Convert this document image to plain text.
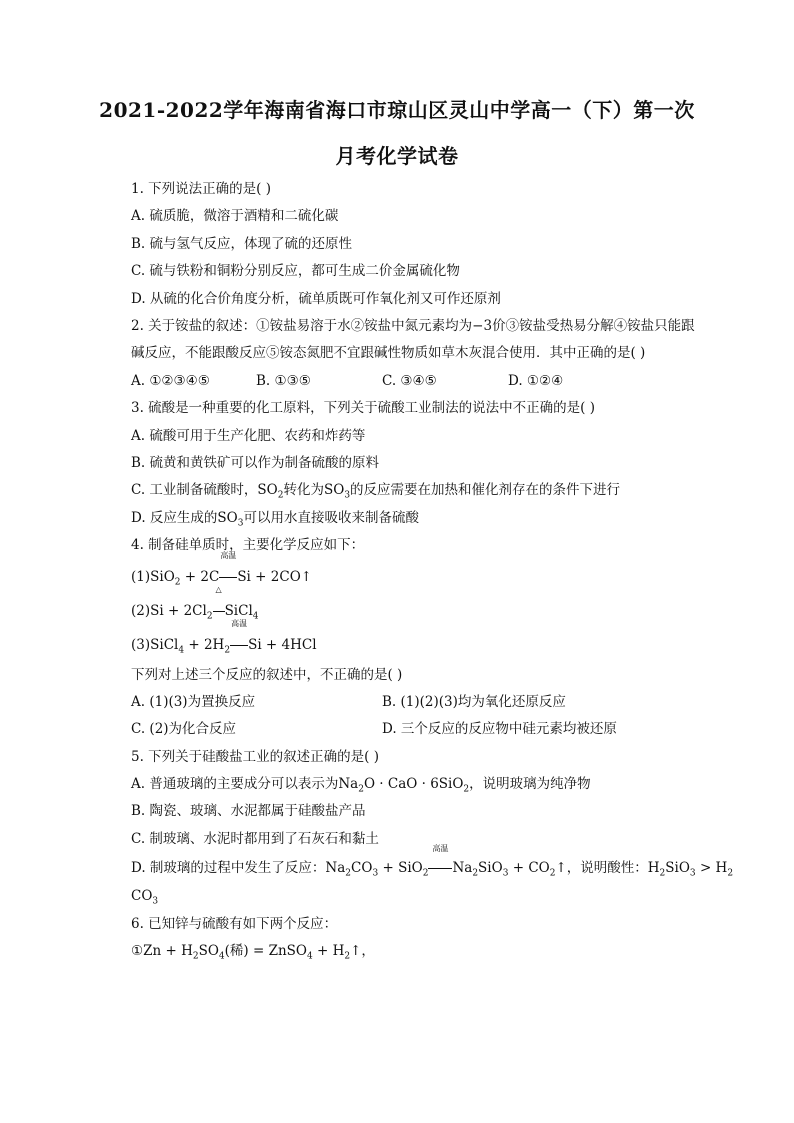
2021-2022学年海南省海口市琼山区灵山中学高一（下）第一次
月考化学试卷
1. 下列说法正确的是( )
A. 硫质脆，微溶于酒精和二硫化碳
B. 硫与氢气反应，体现了硫的还原性
C. 硫与铁粉和铜粉分别反应，都可生成二价金属硫化物
D. 从硫的化合价角度分析，硫单质既可作氧化剂又可作还原剂
2. 关于铵盐的叙述：①铵盐易溶于水②铵盐中氮元素均为−3价③铵盐受热易分解④铵盐只能跟碱反应，不能跟酸反应⑤铵态氮肥不宜跟碱性物质如草木灰混合使用．其中正确的是( )
A. ①②③④⑤	B. ①③⑤	C. ③④⑤	D. ①②④
3. 硫酸是一种重要的化工原料，下列关于硫酸工业制法的说法中不正确的是( )
A. 硫酸可用于生产化肥、农药和炸药等
B. 硫黄和黄铁矿可以作为制备硫酸的原料
C. 工业制备硫酸时，$SO_2$转化为$SO_3$的反应需要在加热和催化剂存在的条件下进行
D. 反应生成的$SO_3$可以用水直接吸收来制备硫酸
4. 制备硅单质时，主要化学反应如下：
(1)SiO$_2$ + 2C
高温
Si + 2CO↑
$(2)Si + 2Cl_2$
△
SiCl$_4$
(3)SiCl$_4$ + $2H_2$
高温
Si + 4HCl
下列对上述三个反应的叙述中，不正确的是( )
A. (1)(3)为置换反应	B. (1)(2)(3)均为氧化还原反应
C. (2)为化合反应	D. 三个反应的反应物中硅元素均被还原
5. 下列关于硅酸盐工业的叙述正确的是( )
A. 普通玻璃的主要成分可以表示为$Na_2O$ · CaO · 6SiO$_2$，说明玻璃为纯净物
B. 陶瓷、玻璃、水泥都属于硅酸盐产品
C. 制玻璃、水泥时都用到了石灰石和黏土
D. 制玻璃的过程中发生了反应：$Na_2CO_3 + SiO_2$
高温
$Na_2SiO_3$ + $CO_2↑$，说明酸性：$H_2SiO_3 > H_2$
$CO_3$
6. 已知锌与硫酸有如下两个反应：
①Zn + $H_2SO_4$(稀) = ZnSO$_4$ + $H_2↑$，
